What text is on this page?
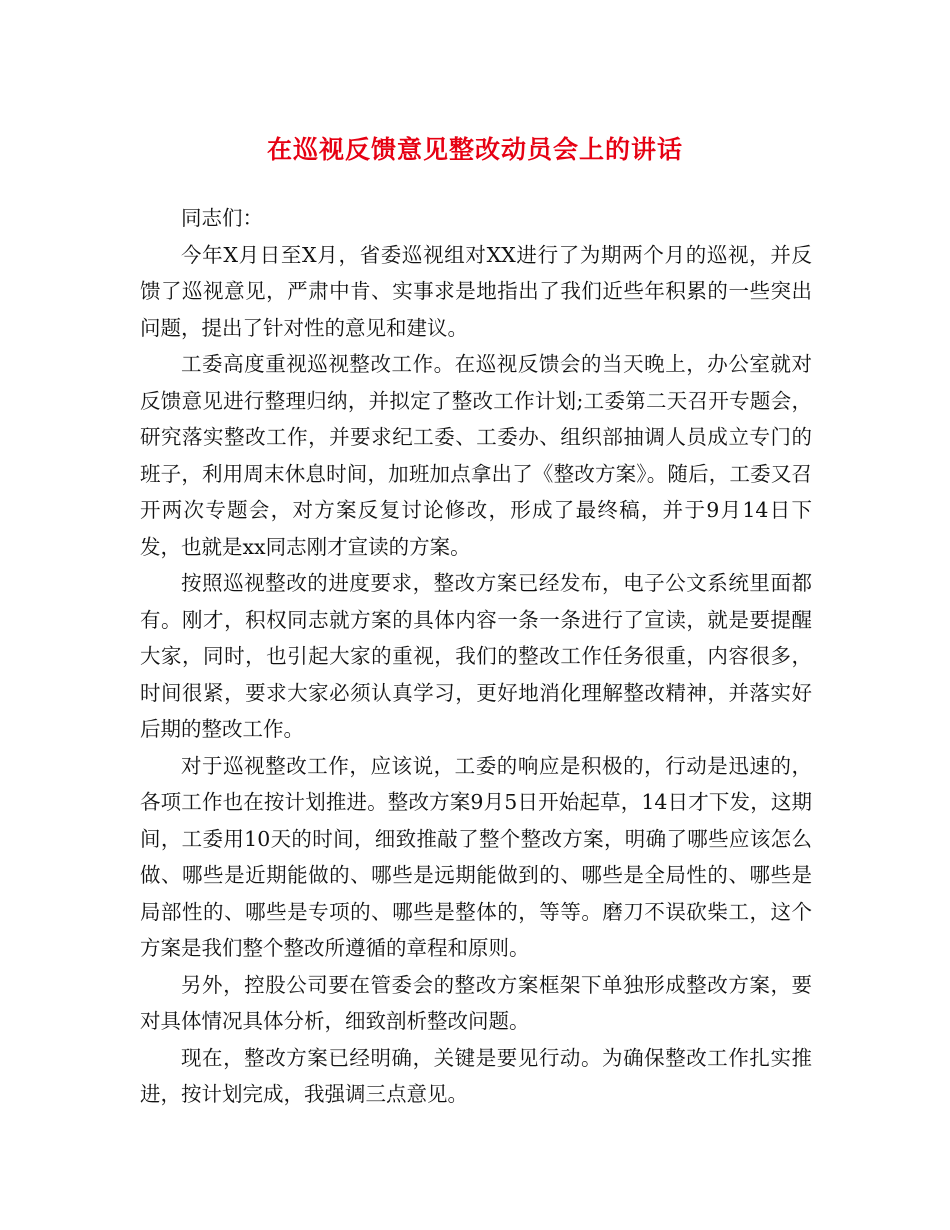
在巡视反馈意见整改动员会上的讲话

同志们：

今年X月日至X月，省委巡视组对XX进行了为期两个月的巡视，并反馈了巡视意见，严肃中肯、实事求是地指出了我们近些年积累的一些突出问题，提出了针对性的意见和建议。

工委高度重视巡视整改工作。在巡视反馈会的当天晚上，办公室就对反馈意见进行整理归纳，并拟定了整改工作计划;工委第二天召开专题会，研究落实整改工作，并要求纪工委、工委办、组织部抽调人员成立专门的班子，利用周末休息时间，加班加点拿出了《整改方案》。随后，工委又召开两次专题会，对方案反复讨论修改，形成了最终稿，并于9月14日下发，也就是xx同志刚才宣读的方案。

按照巡视整改的进度要求，整改方案已经发布，电子公文系统里面都有。刚才，积权同志就方案的具体内容一条一条进行了宣读，就是要提醒大家，同时，也引起大家的重视，我们的整改工作任务很重，内容很多，时间很紧，要求大家必须认真学习，更好地消化理解整改精神，并落实好后期的整改工作。

对于巡视整改工作，应该说，工委的响应是积极的，行动是迅速的，各项工作也在按计划推进。整改方案9月5日开始起草，14日才下发，这期间，工委用10天的时间，细致推敲了整个整改方案，明确了哪些应该怎么做、哪些是近期能做的、哪些是远期能做到的、哪些是全局性的、哪些是局部性的、哪些是专项的、哪些是整体的，等等。磨刀不误砍柴工，这个方案是我们整个整改所遵循的章程和原则。

另外，控股公司要在管委会的整改方案框架下单独形成整改方案，要对具体情况具体分析，细致剖析整改问题。

现在，整改方案已经明确，关键是要见行动。为确保整改工作扎实推进，按计划完成，我强调三点意见。
